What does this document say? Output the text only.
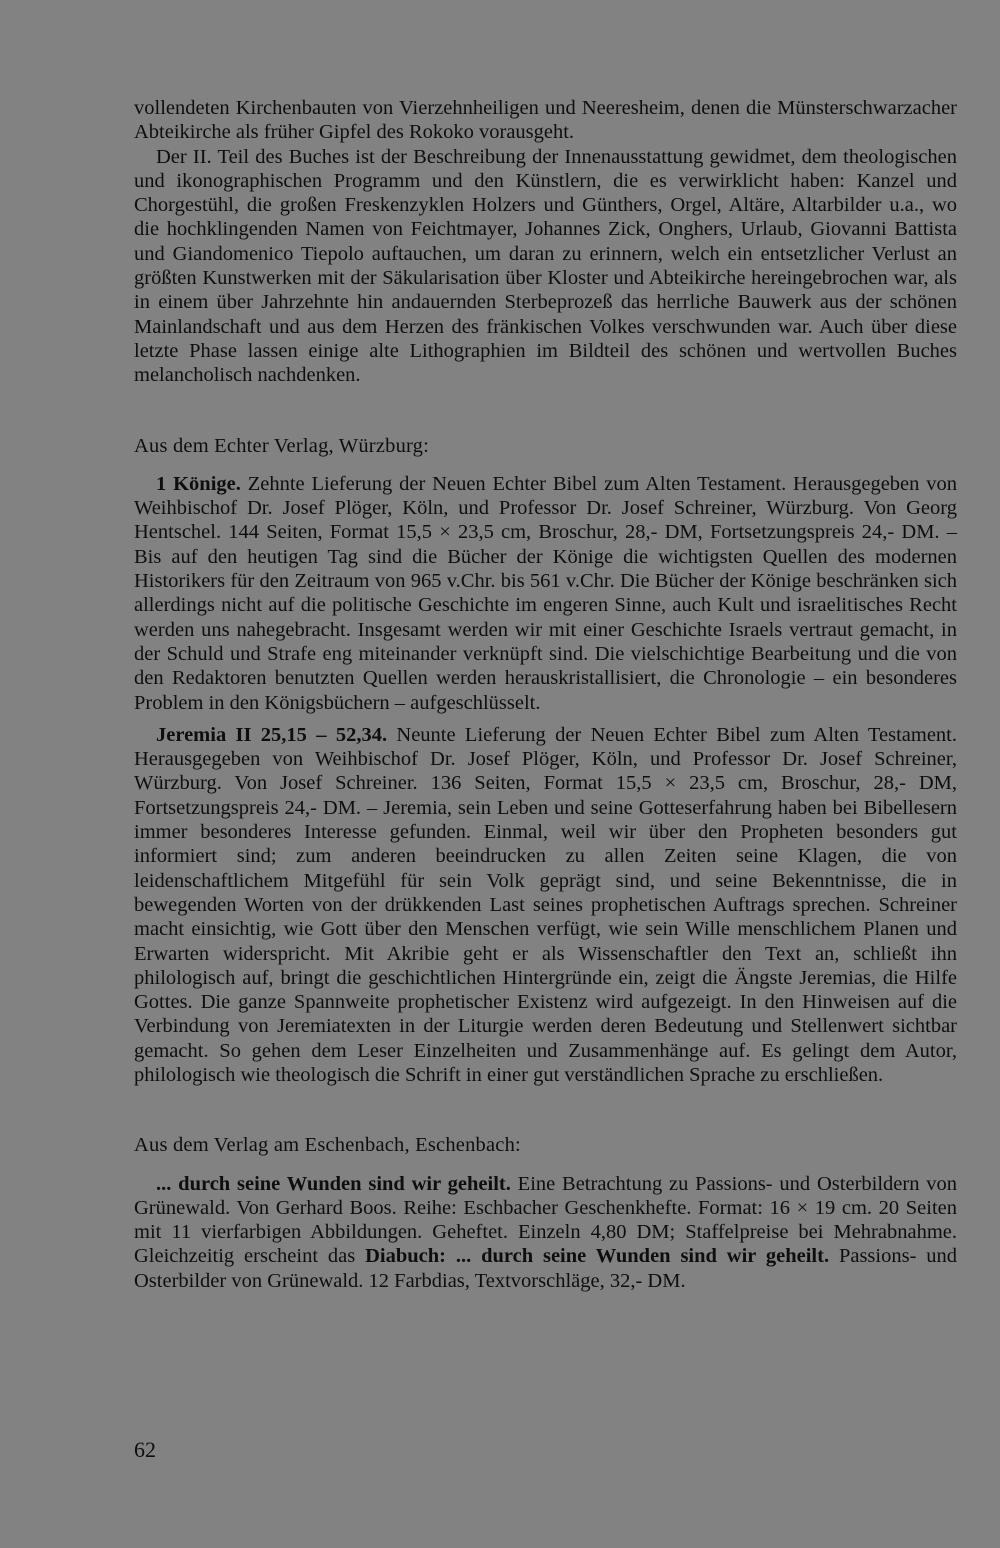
vollendeten Kirchenbauten von Vierzehnheiligen und Neeresheim, denen die Münsterschwarzacher Abteikirche als früher Gipfel des Rokoko vorausgeht.

Der II. Teil des Buches ist der Beschreibung der Innenausstattung gewidmet, dem theologischen und ikonographischen Programm und den Künstlern, die es verwirklicht haben: Kanzel und Chorgestühl, die großen Freskenzyklen Holzers und Günthers, Orgel, Altäre, Altarbilder u.a., wo die hochklingenden Namen von Feichtmayer, Johannes Zick, Onghers, Urlaub, Giovanni Battista und Giandomenico Tiepolo auftauchen, um daran zu erinnern, welch ein entsetzlicher Verlust an größten Kunstwerken mit der Säkularisation über Kloster und Abteikirche hereingebrochen war, als in einem über Jahrzehnte hin andauernden Sterbeprozeß das herrliche Bauwerk aus der schönen Mainlandschaft und aus dem Herzen des fränkischen Volkes verschwunden war. Auch über diese letzte Phase lassen einige alte Lithographien im Bildteil des schönen und wertvollen Buches melancholisch nachdenken.

Aus dem Echter Verlag, Würzburg:

1 Könige. Zehnte Lieferung der Neuen Echter Bibel zum Alten Testament. Herausgegeben von Weihbischof Dr. Josef Plöger, Köln, und Professor Dr. Josef Schreiner, Würzburg. Von Georg Hentschel. 144 Seiten, Format 15,5 × 23,5 cm, Broschur, 28,- DM, Fortsetzungspreis 24,- DM. – Bis auf den heutigen Tag sind die Bücher der Könige die wichtigsten Quellen des modernen Historikers für den Zeitraum von 965 v.Chr. bis 561 v.Chr. Die Bücher der Könige beschränken sich allerdings nicht auf die politische Geschichte im engeren Sinne, auch Kult und israelitisches Recht werden uns nahegebracht. Insgesamt werden wir mit einer Geschichte Israels vertraut gemacht, in der Schuld und Strafe eng miteinander verknüpft sind. Die vielschichtige Bearbeitung und die von den Redaktoren benutzten Quellen werden herauskristallisiert, die Chronologie – ein besonderes Problem in den Königsbüchern – aufgeschlüsselt.

Jeremia II 25,15 – 52,34. Neunte Lieferung der Neuen Echter Bibel zum Alten Testament. Herausgegeben von Weihbischof Dr. Josef Plöger, Köln, und Professor Dr. Josef Schreiner, Würzburg. Von Josef Schreiner. 136 Seiten, Format 15,5 × 23,5 cm, Broschur, 28,- DM, Fortsetzungspreis 24,- DM. – Jeremia, sein Leben und seine Gotteserfahrung haben bei Bibellesern immer besonderes Interesse gefunden. Einmal, weil wir über den Propheten besonders gut informiert sind; zum anderen beeindrucken zu allen Zeiten seine Klagen, die von leidenschaftlichem Mitgefühl für sein Volk geprägt sind, und seine Bekenntnisse, die in bewegenden Worten von der drükkenden Last seines prophetischen Auftrags sprechen. Schreiner macht einsichtig, wie Gott über den Menschen verfügt, wie sein Wille menschlichem Planen und Erwarten widerspricht. Mit Akribie geht er als Wissenschaftler den Text an, schließt ihn philologisch auf, bringt die geschichtlichen Hintergründe ein, zeigt die Ängste Jeremias, die Hilfe Gottes. Die ganze Spannweite prophetischer Existenz wird aufgezeigt. In den Hinweisen auf die Verbindung von Jeremiatexten in der Liturgie werden deren Bedeutung und Stellenwert sichtbar gemacht. So gehen dem Leser Einzelheiten und Zusammenhänge auf. Es gelingt dem Autor, philologisch wie theologisch die Schrift in einer gut verständlichen Sprache zu erschließen.

Aus dem Verlag am Eschenbach, Eschenbach:

... durch seine Wunden sind wir geheilt. Eine Betrachtung zu Passions- und Osterbildern von Grünewald. Von Gerhard Boos. Reihe: Eschbacher Geschenkhefte. Format: 16 × 19 cm. 20 Seiten mit 11 vierfarbigen Abbildungen. Geheftet. Einzeln 4,80 DM; Staffelpreise bei Mehrabnahme. Gleichzeitig erscheint das Diabuch: ... durch seine Wunden sind wir geheilt. Passions- und Osterbilder von Grünewald. 12 Farbdias, Textvorschläge, 32,- DM.

62
